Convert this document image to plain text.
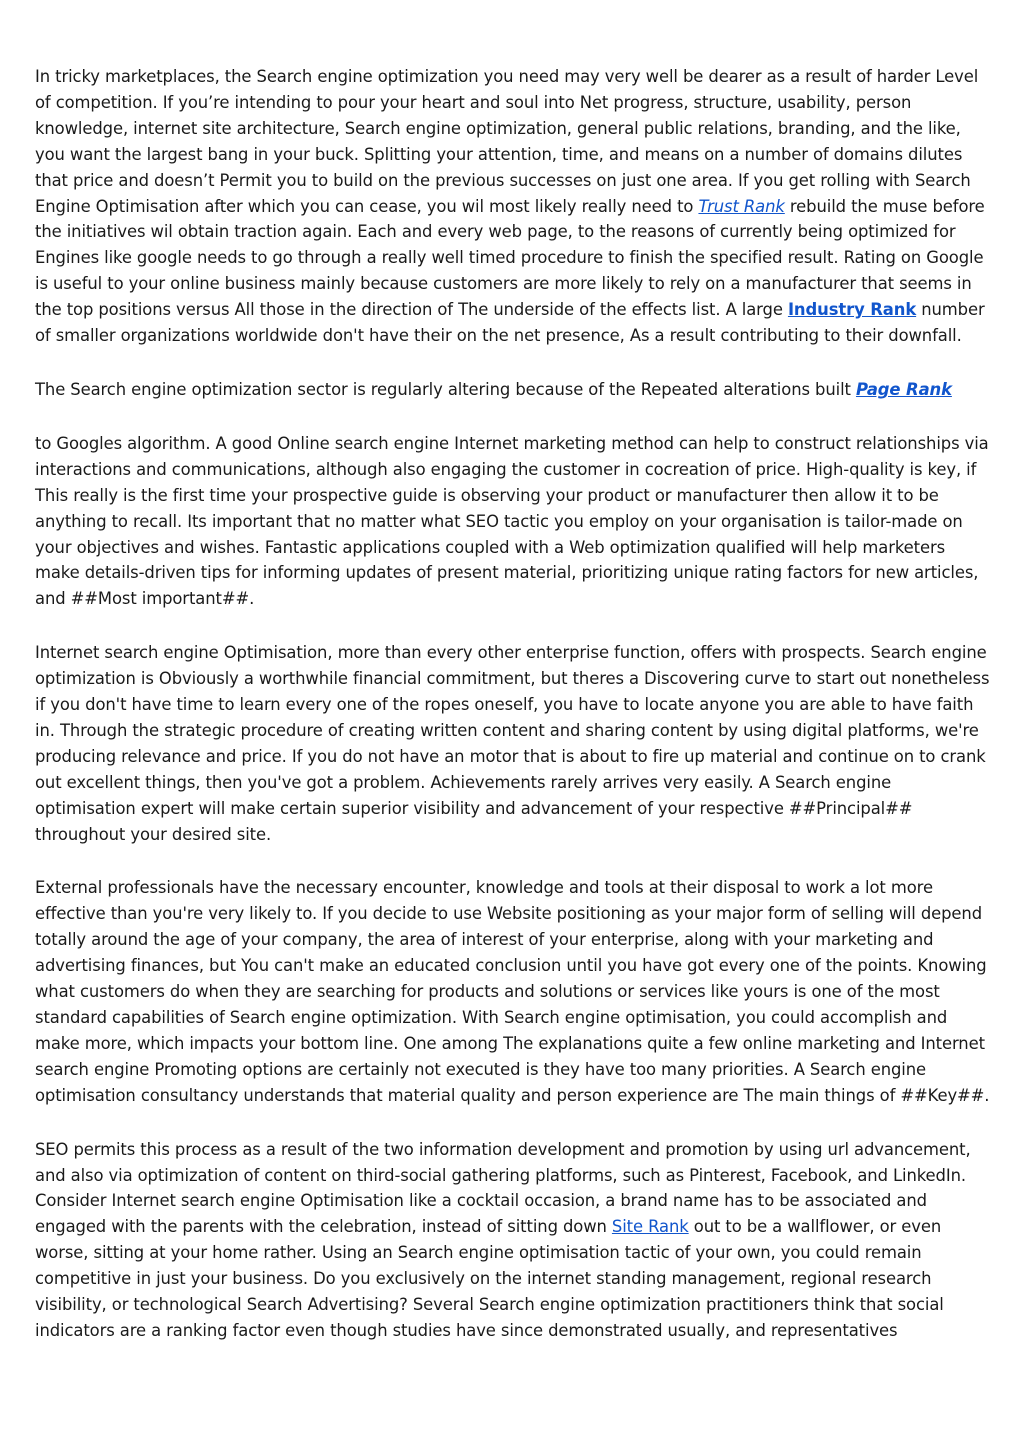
In tricky marketplaces, the Search engine optimization you need may very well be dearer as a result of harder Level of competition. If you’re intending to pour your heart and soul into Net progress, structure, usability, person knowledge, internet site architecture, Search engine optimization, general public relations, branding, and the like, you want the largest bang in your buck. Splitting your attention, time, and means on a number of domains dilutes that price and doesn’t Permit you to build on the previous successes on just one area. If you get rolling with Search Engine Optimisation after which you can cease, you wil most likely really need to Trust Rank rebuild the muse before the initiatives wil obtain traction again. Each and every web page, to the reasons of currently being optimized for Engines like google needs to go through a really well timed procedure to finish the specified result. Rating on Google is useful to your online business mainly because customers are more likely to rely on a manufacturer that seems in the top positions versus All those in the direction of The underside of the effects list. A large Industry Rank number of smaller organizations worldwide don't have their on the net presence, As a result contributing to their downfall.

The Search engine optimization sector is regularly altering because of the Repeated alterations built Page Rank

to Googles algorithm. A good Online search engine Internet marketing method can help to construct relationships via interactions and communications, although also engaging the customer in cocreation of price. High-quality is key, if This really is the first time your prospective guide is observing your product or manufacturer then allow it to be anything to recall. Its important that no matter what SEO tactic you employ on your organisation is tailor-made on your objectives and wishes. Fantastic applications coupled with a Web optimization qualified will help marketers make details-driven tips for informing updates of present material, prioritizing unique rating factors for new articles, and ##Most important##.

Internet search engine Optimisation, more than every other enterprise function, offers with prospects. Search engine optimization is Obviously a worthwhile financial commitment, but theres a Discovering curve to start out nonetheless if you don't have time to learn every one of the ropes oneself, you have to locate anyone you are able to have faith in. Through the strategic procedure of creating written content and sharing content by using digital platforms, we're producing relevance and price. If you do not have an motor that is about to fire up material and continue on to crank out excellent things, then you've got a problem. Achievements rarely arrives very easily. A Search engine optimisation expert will make certain superior visibility and advancement of your respective ##Principal## throughout your desired site.

External professionals have the necessary encounter, knowledge and tools at their disposal to work a lot more effective than you're very likely to. If you decide to use Website positioning as your major form of selling will depend totally around the age of your company, the area of interest of your enterprise, along with your marketing and advertising finances, but You can't make an educated conclusion until you have got every one of the points. Knowing what customers do when they are searching for products and solutions or services like yours is one of the most standard capabilities of Search engine optimization. With Search engine optimisation, you could accomplish and make more, which impacts your bottom line. One among The explanations quite a few online marketing and Internet search engine Promoting options are certainly not executed is they have too many priorities. A Search engine optimisation consultancy understands that material quality and person experience are The main things of ##Key##.

SEO permits this process as a result of the two information development and promotion by using url advancement, and also via optimization of content on third-social gathering platforms, such as Pinterest, Facebook, and LinkedIn. Consider Internet search engine Optimisation like a cocktail occasion, a brand name has to be associated and engaged with the parents with the celebration, instead of sitting down Site Rank out to be a wallflower, or even worse, sitting at your home rather. Using an Search engine optimisation tactic of your own, you could remain competitive in just your business. Do you exclusively on the internet standing management, regional research visibility, or technological Search Advertising? Several Search engine optimization practitioners think that social indicators are a ranking factor even though studies have since demonstrated usually, and representatives
